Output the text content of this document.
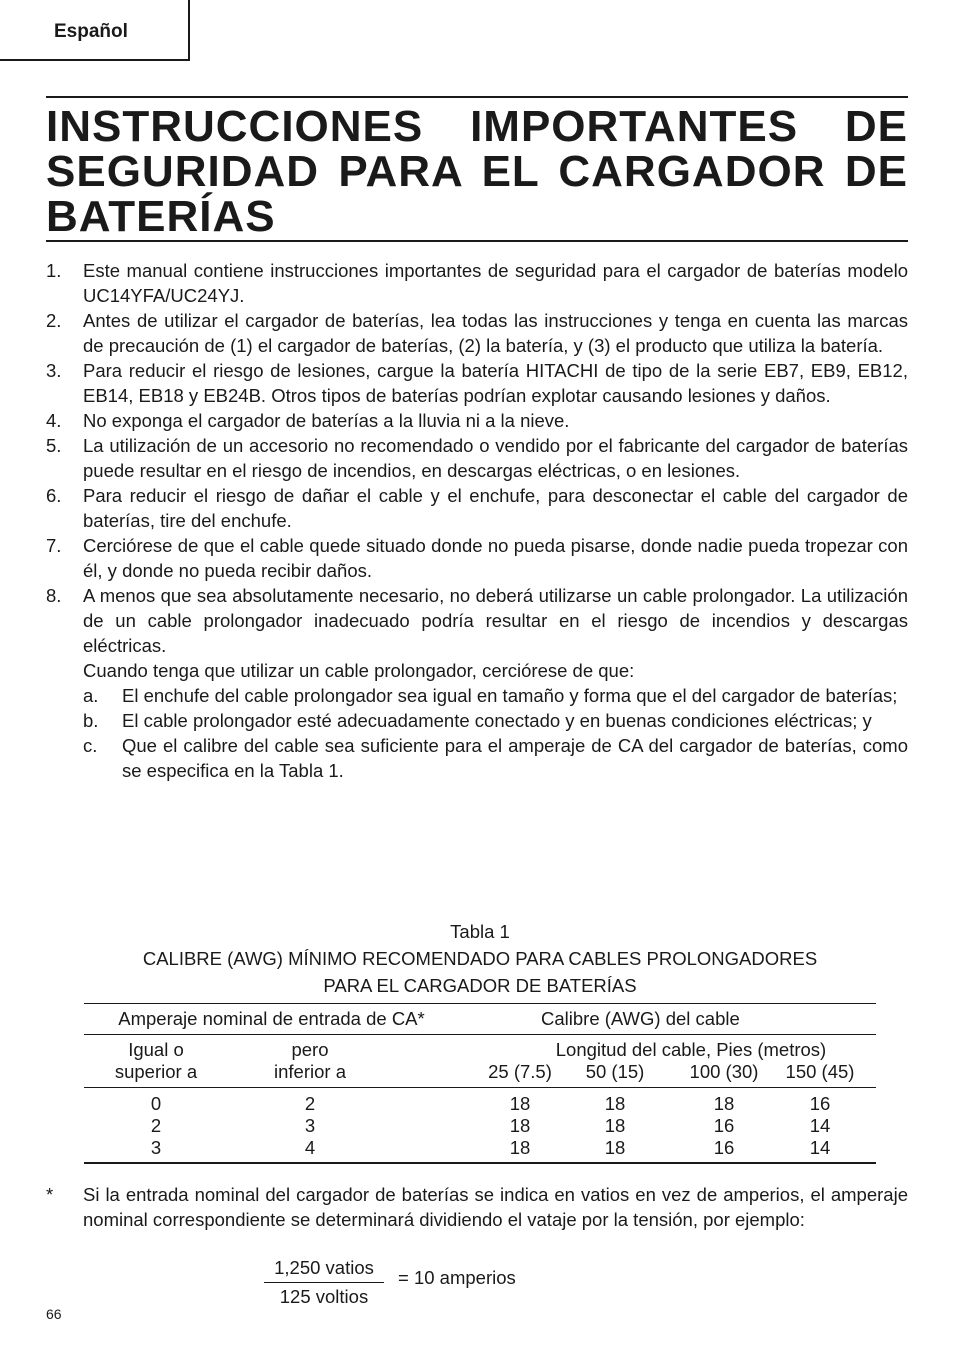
Español
INSTRUCCIONES IMPORTANTES DE SEGURIDAD PARA EL CARGADOR DE BATERÍAS
1. Este manual contiene instrucciones importantes de seguridad para el cargador de baterías modelo UC14YFA/UC24YJ.
2. Antes de utilizar el cargador de baterías, lea todas las instrucciones y tenga en cuenta las marcas de precaución de (1) el cargador de baterías, (2) la batería, y (3) el producto que utiliza la batería.
3. Para reducir el riesgo de lesiones, cargue la batería HITACHI de tipo de la serie EB7, EB9, EB12, EB14, EB18 y EB24B. Otros tipos de baterías podrían explotar causando lesiones y daños.
4. No exponga el cargador de baterías a la lluvia ni a la nieve.
5. La utilización de un accesorio no recomendado o vendido por el fabricante del cargador de baterías puede resultar en el riesgo de incendios, en descargas eléctricas, o en lesiones.
6. Para reducir el riesgo de dañar el cable y el enchufe, para desconectar el cable del cargador de baterías, tire del enchufe.
7. Cerciórese de que el cable quede situado donde no pueda pisarse, donde nadie pueda tropezar con él, y donde no pueda recibir daños.
8. A menos que sea absolutamente necesario, no deberá utilizarse un cable prolongador. La utilización de un cable prolongador inadecuado podría resultar en el riesgo de incendios y descargas eléctricas.
Cuando tenga que utilizar un cable prolongador, cerciórese de que:
a. El enchufe del cable prolongador sea igual en tamaño y forma que el del cargador de baterías;
b. El cable prolongador esté adecuadamente conectado y en buenas condiciones eléctricas; y
c. Que el calibre del cable sea suficiente para el amperaje de CA del cargador de baterías, como se especifica en la Tabla 1.
Tabla 1
CALIBRE (AWG) MÍNIMO RECOMENDADO PARA CABLES PROLONGADORES
PARA EL CARGADOR DE BATERÍAS
Amperaje nominal de entrada de CA*	Calibre (AWG) del cable
Igual o
superior a
pero
inferior a
Longitud del cable, Pies (metros)
25 (7.5)	50 (15)	100 (30)	150 (45)
0	2	18	18	18	16
2	3	18	18	16	14
3	4	18	18	16	14
*	Si la entrada nominal del cargador de baterías se indica en vatios en vez de amperios, el amperaje nominal correspondiente se determinará dividiendo el vataje por la tensión, por ejemplo:
1,250 vatios
125 voltios
= 10 amperios
66
